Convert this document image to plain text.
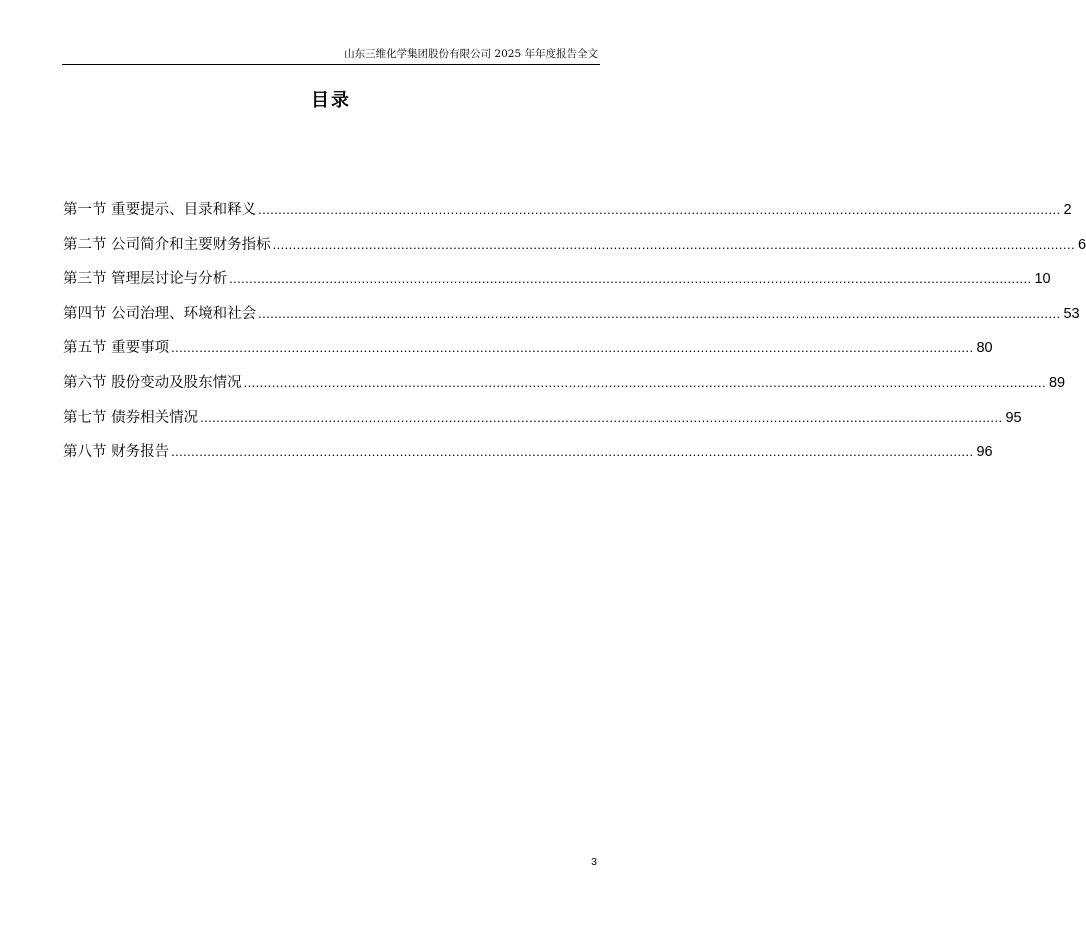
山东三维化学集团股份有限公司 2025 年年度报告全文
目录
第一节 重要提示、目录和释义 ........................................................................................................................................................................................................ 2
第二节 公司简介和主要财务指标 ........................................................................................................................................................................................................ 6
第三节 管理层讨论与分析 ........................................................................................................................................................................................................ 10
第四节 公司治理、环境和社会 ........................................................................................................................................................................................................ 53
第五节 重要事项 ........................................................................................................................................................................................................ 80
第六节 股份变动及股东情况 ........................................................................................................................................................................................................ 89
第七节 债券相关情况 ........................................................................................................................................................................................................ 95
第八节 财务报告 ........................................................................................................................................................................................................ 96
3
